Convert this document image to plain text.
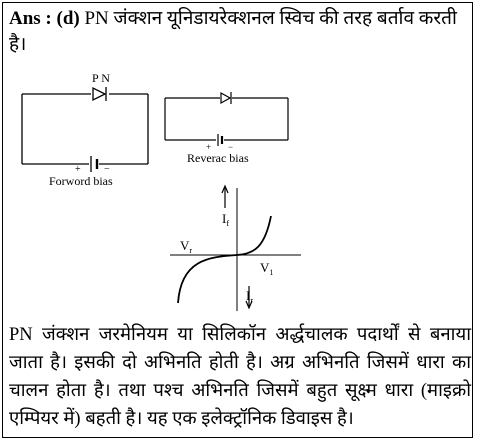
Ans : (d) PN जंक्शन यूनिडायरेक्शनल स्विच की तरह बर्ताव करती है।
P N
+ −
Forword bias
+ −
Reverac bias
$I_f$
$V_r$
$V_1$
$I_r$
PN जंक्शन जरमेनियम या सिलिकॉन अर्द्धचालक पदार्थों से बनाया जाता है। इसकी दो अभिनति होती है। अग्र अभिनति जिसमें धारा का चालन होता है। तथा पश्च अभिनति जिसमें बहुत सूक्ष्म धारा (माइक्रो एम्पियर में) बहती है। यह एक इलेक्ट्रॉनिक डिवाइस है।
